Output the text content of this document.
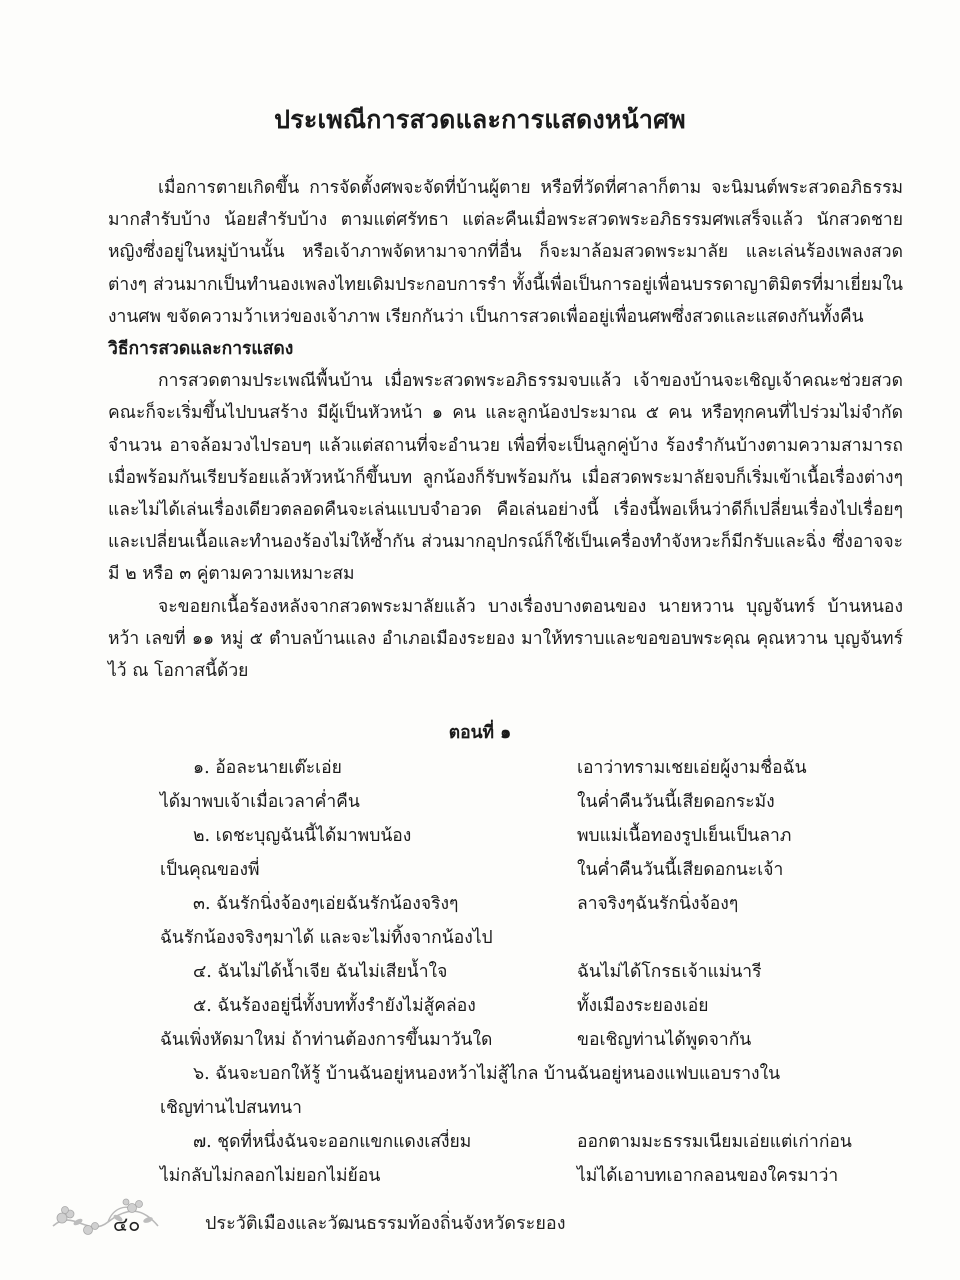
ประเพณีการสวดและการแสดงหน้าศพ

เมื่อการตายเกิดขึ้น การจัดตั้งศพจะจัดที่บ้านผู้ตาย หรือที่วัดที่ศาลาก็ตาม จะนิมนต์พระสวดอภิธรรมมากสำรับบ้าง น้อยสำรับบ้าง ตามแต่ศรัทธา แต่ละคืนเมื่อพระสวดพระอภิธรรมศพเสร็จแล้ว นักสวดชายหญิงซึ่งอยู่ในหมู่บ้านนั้น หรือเจ้าภาพจัดหามาจากที่อื่น ก็จะมาล้อมสวดพระมาลัย และเล่นร้องเพลงสวดต่างๆ ส่วนมากเป็นทำนองเพลงไทยเดิมประกอบการรำ ทั้งนี้เพื่อเป็นการอยู่เพื่อนบรรดาญาติมิตรที่มาเยี่ยมในงานศพ ขจัดความว้าเหว่ของเจ้าภาพ เรียกกันว่า เป็นการสวดเพื่ออยู่เพื่อนศพซึ่งสวดและแสดงกันทั้งคืน

วิธีการสวดและการแสดง

การสวดตามประเพณีพื้นบ้าน เมื่อพระสวดพระอภิธรรมจบแล้ว เจ้าของบ้านจะเชิญเจ้าคณะช่วยสวด คณะก็จะเริ่มขึ้นไปบนสร้าง มีผู้เป็นหัวหน้า ๑ คน และลูกน้องประมาณ ๕ คน หรือทุกคนที่ไปร่วมไม่จำกัดจำนวน อาจล้อมวงไปรอบๆ แล้วแต่สถานที่จะอำนวย เพื่อที่จะเป็นลูกคู่บ้าง ร้องรำกันบ้างตามความสามารถ เมื่อพร้อมกันเรียบร้อยแล้วหัวหน้าก็ขึ้นบท ลูกน้องก็รับพร้อมกัน เมื่อสวดพระมาลัยจบก็เริ่มเข้าเนื้อเรื่องต่างๆ และไม่ได้เล่นเรื่องเดียวตลอดคืนจะเล่นแบบจำอวด คือเล่นอย่างนี้ เรื่องนี้พอเห็นว่าดีก็เปลี่ยนเรื่องไปเรื่อยๆ และเปลี่ยนเนื้อและทำนองร้องไม่ให้ซ้ำกัน ส่วนมากอุปกรณ์ก็ใช้เป็นเครื่องทำจังหวะก็มีกรับและฉิ่ง ซึ่งอาจจะมี ๒ หรือ ๓ คู่ตามความเหมาะสม

จะขอยกเนื้อร้องหลังจากสวดพระมาลัยแล้ว บางเรื่องบางตอนของ นายหวาน บุญจันทร์ บ้านหนองหว้า เลขที่ ๑๑ หมู่ ๕ ตำบลบ้านแลง อำเภอเมืองระยอง มาให้ทราบและขอขอบพระคุณ คุณหวาน บุญจันทร์ ไว้ ณ โอกาสนี้ด้วย

ตอนที่ ๑
๑. อ้อละนายเต๊ะเอ่ย	เอาว่าทรามเชยเอ่ยผู้งามชื่อฉัน
ได้มาพบเจ้าเมื่อเวลาค่ำคืน	ในค่ำคืนวันนี้เสียดอกระมัง
๒. เดชะบุญฉันนี้ได้มาพบน้อง	พบแม่เนื้อทองรูปเย็นเป็นลาภ
เป็นคุณของพี่	ในค่ำคืนวันนี้เสียดอกนะเจ้า
๓. ฉันรักนิ่งจ้องๆเอ่ยฉันรักน้องจริงๆ	ลาจริงๆฉันรักนิ่งจ้องๆ
ฉันรักน้องจริงๆมาได้ และจะไม่ทิ้งจากน้องไป
๔. ฉันไม่ได้น้ำเจีย ฉันไม่เสียน้ำใจ	ฉันไม่ได้โกรธเจ้าแม่นารี
๕. ฉันร้องอยู่นี่ทั้งบททั้งรำยังไม่สู้คล่อง	ทั้งเมืองระยองเอ่ย
ฉันเพิ่งหัดมาใหม่ ถ้าท่านต้องการขึ้นมาวันใด	ขอเชิญท่านได้พูดจากัน
๖. ฉันจะบอกให้รู้ บ้านฉันอยู่หนองหว้าไม่สู้ไกล บ้านฉันอยู่หนองแฟบแอบรางใน
เชิญท่านไปสนทนา
๗. ชุดที่หนึ่งฉันจะออกแขกแดงเสงี่ยม	ออกตามมะธรรมเนียมเอ่ยแต่เก่าก่อน
ไม่กลับไม่กลอกไม่ยอกไม่ย้อน	ไม่ได้เอาบทเอากลอนของใครมาว่า
๔๐	ประวัติเมืองและวัฒนธรรมท้องถิ่นจังหวัดระยอง
